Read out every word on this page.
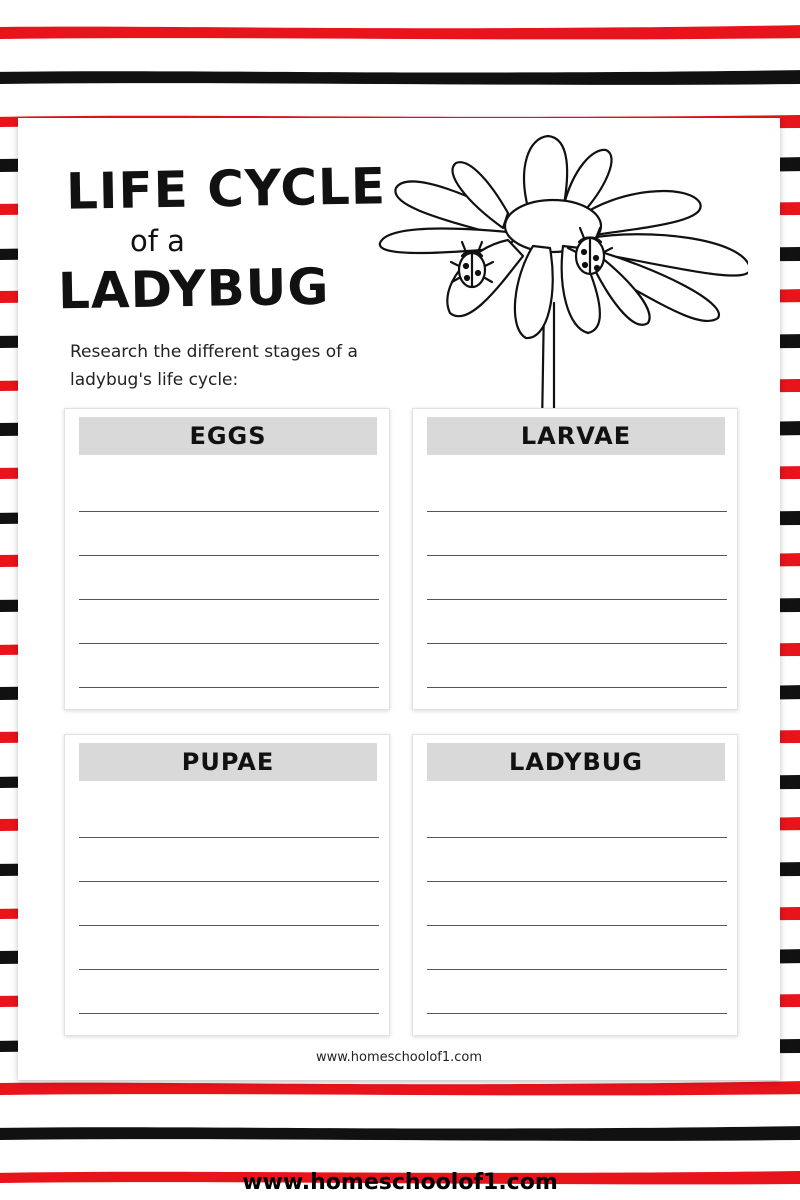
LIFE CYCLE
of a
LADYBUG
Research the different stages of a ladybug's life cycle:
EGGS	LARVAE
PUPAE	LADYBUG
www.homeschoolof1.com
www.homeschoolof1.com
